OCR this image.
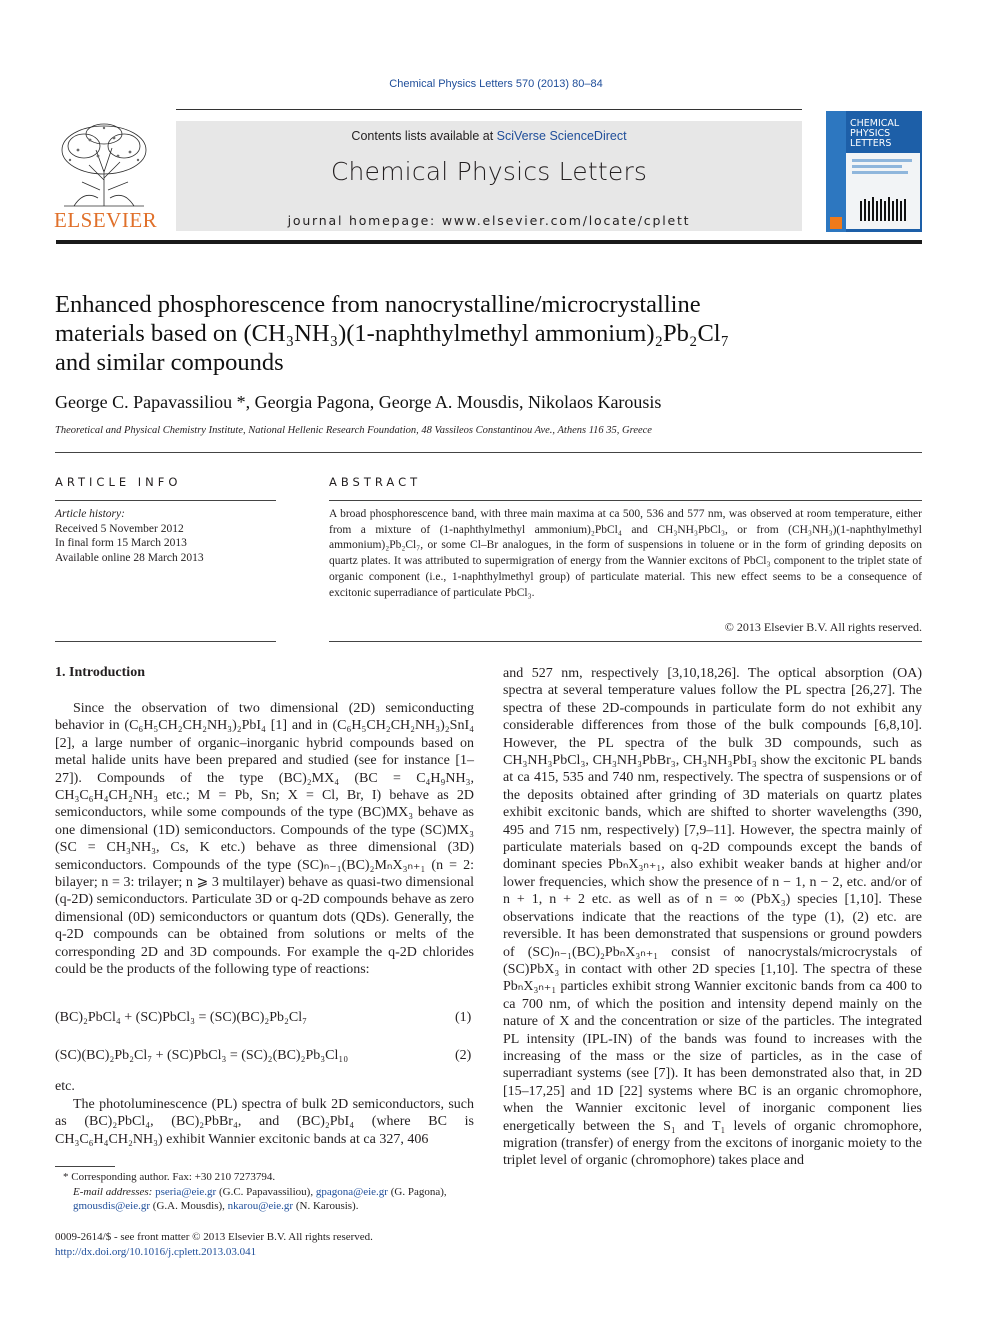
Chemical Physics Letters 570 (2013) 80–84
ELSEVIER
Contents lists available at SciVerse ScienceDirect
Chemical Physics Letters
journal homepage: www.elsevier.com/locate/cplett
CHEMICAL
PHYSICS
LETTERS
Enhanced phosphorescence from nanocrystalline/microcrystalline
materials based on (CH₃NH₃)(1-naphthylmethyl ammonium)₂Pb₂Cl₇
and similar compounds
George C. Papavassiliou *, Georgia Pagona, George A. Mousdis, Nikolaos Karousis
Theoretical and Physical Chemistry Institute, National Hellenic Research Foundation, 48 Vassileos Constantinou Ave., Athens 116 35, Greece
ARTICLE INFO
Article history:
Received 5 November 2012
In final form 15 March 2013
Available online 28 March 2013
ABSTRACT
A broad phosphorescence band, with three main maxima at ca 500, 536 and 577 nm, was observed at room temperature, either from a mixture of (1-naphthylmethyl ammonium)₂PbCl₄ and CH₃NH₃PbCl₃, or from (CH₃NH₃)(1-naphthylmethyl ammonium)₂Pb₂Cl₇, or some Cl–Br analogues, in the form of suspensions in toluene or in the form of grinding deposits on quartz plates. It was attributed to supermigration of energy from the Wannier excitons of PbCl₃ component to the triplet state of organic component (i.e., 1-naphthylmethyl group) of particulate material. This new effect seems to be a consequence of excitonic superradiance of particulate PbCl₃.
© 2013 Elsevier B.V. All rights reserved.
1. Introduction

Since the observation of two dimensional (2D) semiconducting behavior in (C₆H₅CH₂CH₂NH₃)₂PbI₄ [1] and in (C₆H₅CH₂CH₂NH₃)₂SnI₄ [2], a large number of organic–inorganic hybrid compounds based on metal halide units have been prepared and studied (see for instance [1–27]). Compounds of the type (BC)₂MX₄ (BC = C₄H₉NH₃, CH₃C₆H₄CH₂NH₃ etc.; M = Pb, Sn; X = Cl, Br, I) behave as 2D semiconductors, while some compounds of the type (BC)MX₃ behave as one dimensional (1D) semiconductors. Compounds of the type (SC)MX₃ (SC = CH₃NH₃, Cs, K etc.) behave as three dimensional (3D) semiconductors. Compounds of the type (SC)ₙ₋₁(BC)₂MₙX₃ₙ₊₁ (n = 2: bilayer; n = 3: trilayer; n ⩾ 3 multilayer) behave as quasi-two dimensional (q-2D) semiconductors. Particulate 3D or q-2D compounds behave as zero dimensional (0D) semiconductors or quantum dots (QDs). Generally, the q-2D compounds can be obtained from solutions or melts of the corresponding 2D and 3D compounds. For example the q-2D chlorides could be the products of the following type of reactions:

(BC)₂PbCl₄ + (SC)PbCl₃ = (SC)(BC)₂Pb₂Cl₇	(1)
(SC)(BC)₂Pb₂Cl₇ + (SC)PbCl₃ = (SC)₂(BC)₂Pb₃Cl₁₀	(2)
etc.

The photoluminescence (PL) spectra of bulk 2D semiconductors, such as (BC)₂PbCl₄, (BC)₂PbBr₄, and (BC)₂PbI₄ (where BC is CH₃C₆H₄CH₂NH₃) exhibit Wannier excitonic bands at ca 327, 406

and 527 nm, respectively [3,10,18,26]. The optical absorption (OA) spectra at several temperature values follow the PL spectra [26,27]. The spectra of these 2D-compounds in particulate form do not exhibit any considerable differences from those of the bulk compounds [6,8,10]. However, the PL spectra of the bulk 3D compounds, such as CH₃NH₃PbCl₃, CH₃NH₃PbBr₃, CH₃NH₃PbI₃ show the excitonic PL bands at ca 415, 535 and 740 nm, respectively. The spectra of suspensions or of the deposits obtained after grinding of 3D materials on quartz plates exhibit excitonic bands, which are shifted to shorter wavelengths (390, 495 and 715 nm, respectively) [7,9–11]. However, the spectra mainly of particulate materials based on q-2D compounds except the bands of dominant species PbₙX₃ₙ₊₁, also exhibit weaker bands at higher and/or lower frequencies, which show the presence of n − 1, n − 2, etc. and/or of n + 1, n + 2 etc. as well as of n = ∞ (PbX₃) species [1,10]. These observations indicate that the reactions of the type (1), (2) etc. are reversible. It has been demonstrated that suspensions or ground powders of (SC)ₙ₋₁(BC)₂PbₙX₃ₙ₊₁ consist of nanocrystals/microcrystals of (SC)PbX₃ in contact with other 2D species [1,10]. The spectra of these PbₙX₃ₙ₊₁ particles exhibit strong Wannier excitonic bands from ca 400 to ca 700 nm, of which the position and intensity depend mainly on the nature of X and the concentration or size of the particles. The integrated PL intensity (IPL-IN) of the bands was found to increases with the increasing of the mass or the size of particles, as in the case of superradiant systems (see [7]). It has been demonstrated also that, in 2D [15–17,25] and 1D [22] systems where BC is an organic chromophore, when the Wannier excitonic level of inorganic component lies energetically between the S₁ and T₁ levels of organic chromophore, migration (transfer) of energy from the excitons of inorganic moiety to the triplet level of organic (chromophore) takes place and

* Corresponding author. Fax: +30 210 7273794.
E-mail addresses: pseria@eie.gr (G.C. Papavassiliou), gpagona@eie.gr (G. Pagona),
gmousdis@eie.gr (G.A. Mousdis), nkarou@eie.gr (N. Karousis).
0009-2614/$ - see front matter © 2013 Elsevier B.V. All rights reserved.
http://dx.doi.org/10.1016/j.cplett.2013.03.041
